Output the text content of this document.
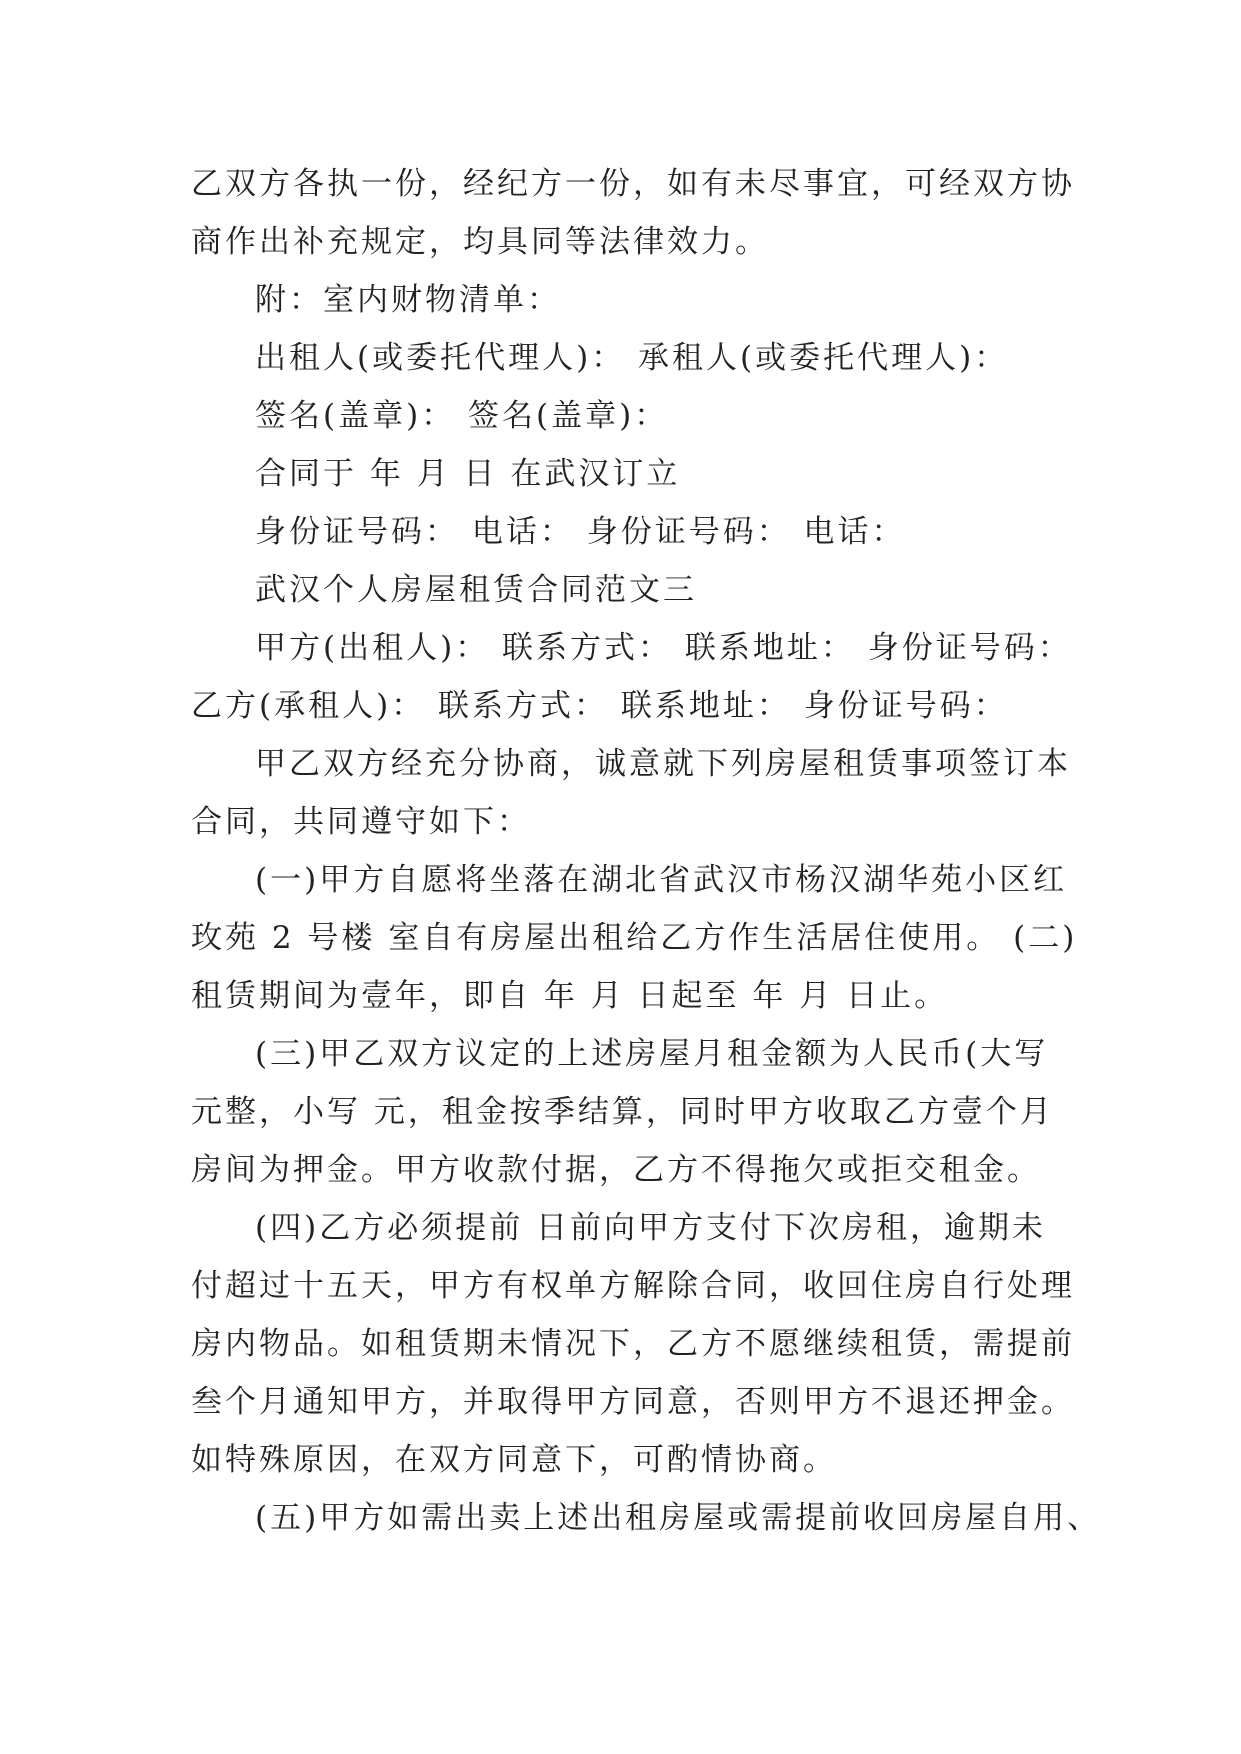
乙双方各执一份，经纪方一份，如有未尽事宜，可经双方协
商作出补充规定，均具同等法律效力。
附：室内财物清单：
出租人(或委托代理人)： 承租人(或委托代理人)：
签名(盖章)： 签名(盖章)：
合同于 年 月 日 在武汉订立
身份证号码： 电话： 身份证号码： 电话：
武汉个人房屋租赁合同范文三
甲方(出租人)： 联系方式： 联系地址： 身份证号码：
乙方(承租人)： 联系方式： 联系地址： 身份证号码：
甲乙双方经充分协商，诚意就下列房屋租赁事项签订本
合同，共同遵守如下：
(一)甲方自愿将坐落在湖北省武汉市杨汉湖华苑小区红
玫苑 2 号楼 室自有房屋出租给乙方作生活居住使用。 (二)
租赁期间为壹年，即自 年 月 日起至 年 月 日止。
(三)甲乙双方议定的上述房屋月租金额为人民币(大写
元整，小写 元，租金按季结算，同时甲方收取乙方壹个月
房间为押金。甲方收款付据，乙方不得拖欠或拒交租金。
(四)乙方必须提前 日前向甲方支付下次房租，逾期未
付超过十五天，甲方有权单方解除合同，收回住房自行处理
房内物品。如租赁期未情况下，乙方不愿继续租赁，需提前
叁个月通知甲方，并取得甲方同意，否则甲方不退还押金。
如特殊原因，在双方同意下，可酌情协商。
(五)甲方如需出卖上述出租房屋或需提前收回房屋自用、
